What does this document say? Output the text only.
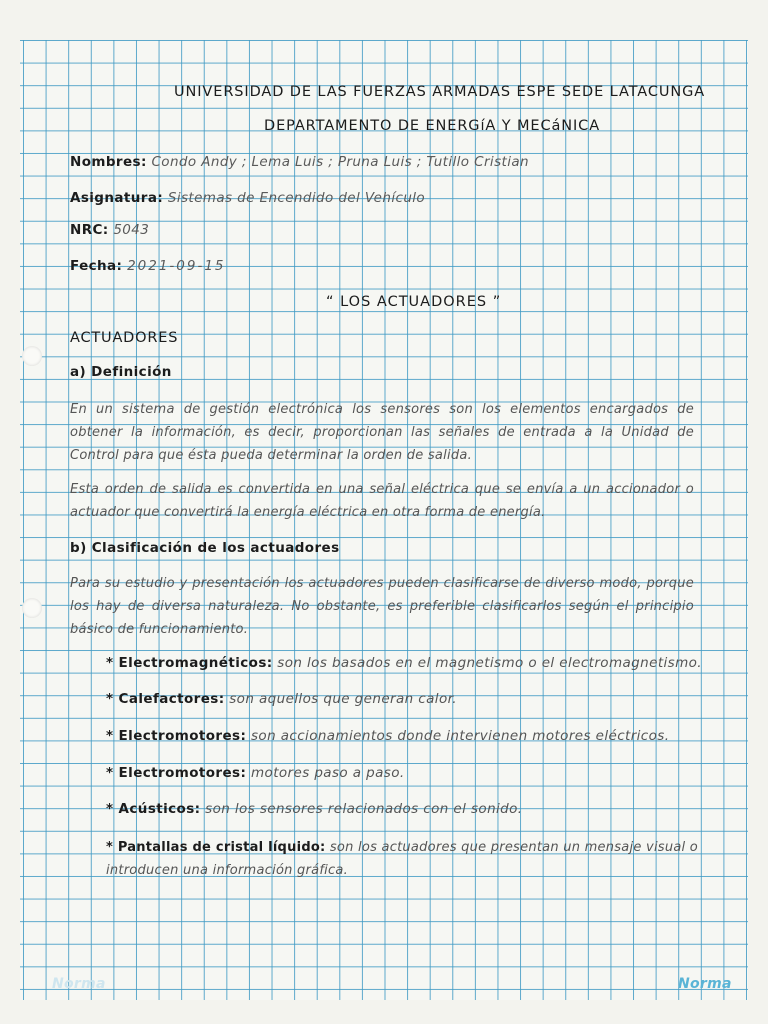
UNIVERSIDAD DE LAS FUERZAS ARMADAS ESPE SEDE LATACUNGA
DEPARTAMENTO DE ENERGíA Y MECáNICA
Nombres: Condo Andy ; Lema Luis ; Pruna Luis ; Tutillo Cristian
Asignatura: Sistemas de Encendido del Vehículo
NRC: 5043
Fecha: 2021-09-15
“ LOS ACTUADORES ”
ACTUADORES
a) Definición
En un sistema de gestión electrónica los sensores son los elementos encargados de obtener la información, es decir, proporcionan las señales de entrada a la Unidad de Control para que ésta pueda determinar la orden de salida.
Esta orden de salida es convertida en una señal eléctrica que se envía a un accionador o actuador que convertirá la energía eléctrica en otra forma de energía.
b) Clasificación de los actuadores
Para su estudio y presentación los actuadores pueden clasificarse de diverso modo, porque los hay de diversa naturaleza. No obstante, es preferible clasificarlos según el principio básico de funcionamiento.
* Electromagnéticos: son los basados en el magnetismo o el electromagnetismo.
* Calefactores: son aquellos que generan calor.
* Electromotores: son accionamientos donde intervienen motores eléctricos.
* Electromotores: motores paso a paso.
* Acústicos: son los sensores relacionados con el sonido.
* Pantallas de cristal líquido: son los actuadores que presentan un mensaje visual o introducen una información gráfica.
Norma	Norma
